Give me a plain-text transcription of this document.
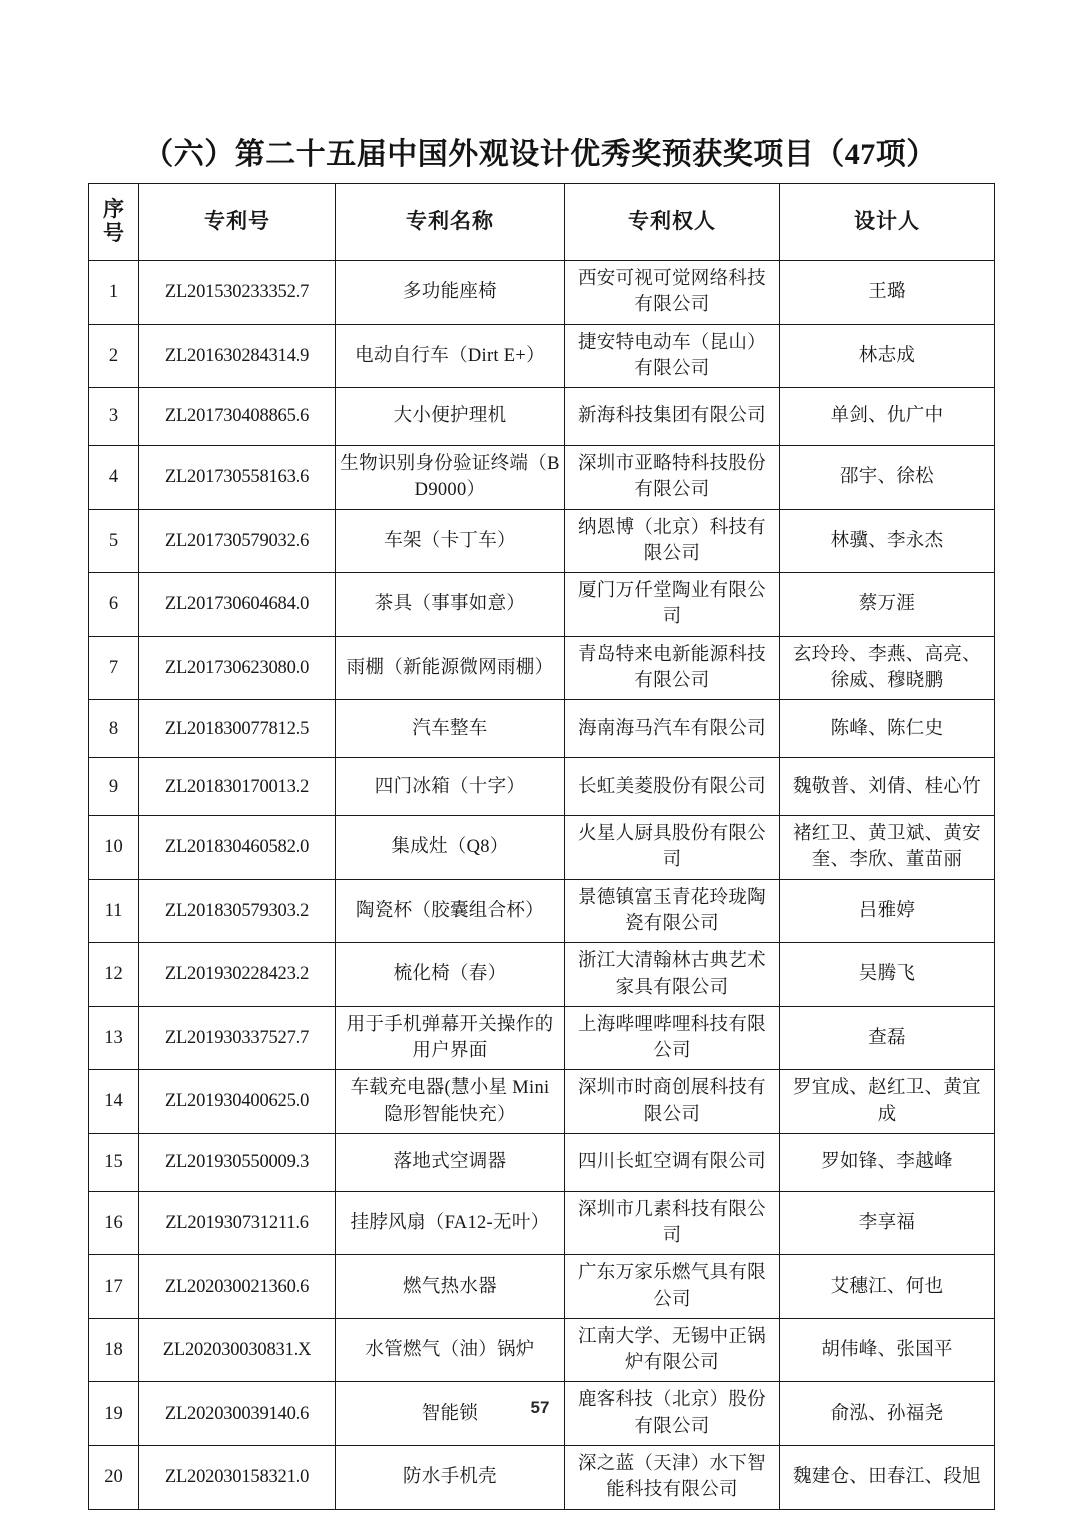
（六）第二十五届中国外观设计优秀奖预获奖项目（47项）
序号	专利号	专利名称	专利权人	设计人
1	ZL201530233352.7	多功能座椅	西安可视可觉网络科技有限公司	王璐
2	ZL201630284314.9	电动自行车（Dirt E+）	捷安特电动车（昆山）有限公司	林志成
3	ZL201730408865.6	大小便护理机	新海科技集团有限公司	单剑、仇广中
4	ZL201730558163.6	生物识别身份验证终端（BD9000）	深圳市亚略特科技股份有限公司	邵宇、徐松
5	ZL201730579032.6	车架（卡丁车）	纳恩博（北京）科技有限公司	林骥、李永杰
6	ZL201730604684.0	茶具（事事如意）	厦门万仟堂陶业有限公司	蔡万涯
7	ZL201730623080.0	雨棚（新能源微网雨棚）	青岛特来电新能源科技有限公司	玄玲玲、李燕、高亮、徐威、穆晓鹏
8	ZL201830077812.5	汽车整车	海南海马汽车有限公司	陈峰、陈仁史
9	ZL201830170013.2	四门冰箱（十字）	长虹美菱股份有限公司	魏敬普、刘倩、桂心竹
10	ZL201830460582.0	集成灶（Q8）	火星人厨具股份有限公司	褚红卫、黄卫斌、黄安奎、李欣、董苗丽
11	ZL201830579303.2	陶瓷杯（胶囊组合杯）	景德镇富玉青花玲珑陶瓷有限公司	吕雅婷
12	ZL201930228423.2	梳化椅（春）	浙江大清翰林古典艺术家具有限公司	吴腾飞
13	ZL201930337527.7	用于手机弹幕开关操作的用户界面	上海哔哩哔哩科技有限公司	查磊
14	ZL201930400625.0	车载充电器(慧小星 Mini 隐形智能快充）	深圳市时商创展科技有限公司	罗宜成、赵红卫、黄宜成
15	ZL201930550009.3	落地式空调器	四川长虹空调有限公司	罗如锋、李越峰
16	ZL201930731211.6	挂脖风扇（FA12-无叶）	深圳市几素科技有限公司	李享福
17	ZL202030021360.6	燃气热水器	广东万家乐燃气具有限公司	艾穗江、何也
18	ZL202030030831.X	水管燃气（油）锅炉	江南大学、无锡中正锅炉有限公司	胡伟峰、张国平
19	ZL202030039140.6	智能锁	鹿客科技（北京）股份有限公司	俞泓、孙福尧
20	ZL202030158321.0	防水手机壳	深之蓝（天津）水下智能科技有限公司	魏建仓、田春江、段旭
57
